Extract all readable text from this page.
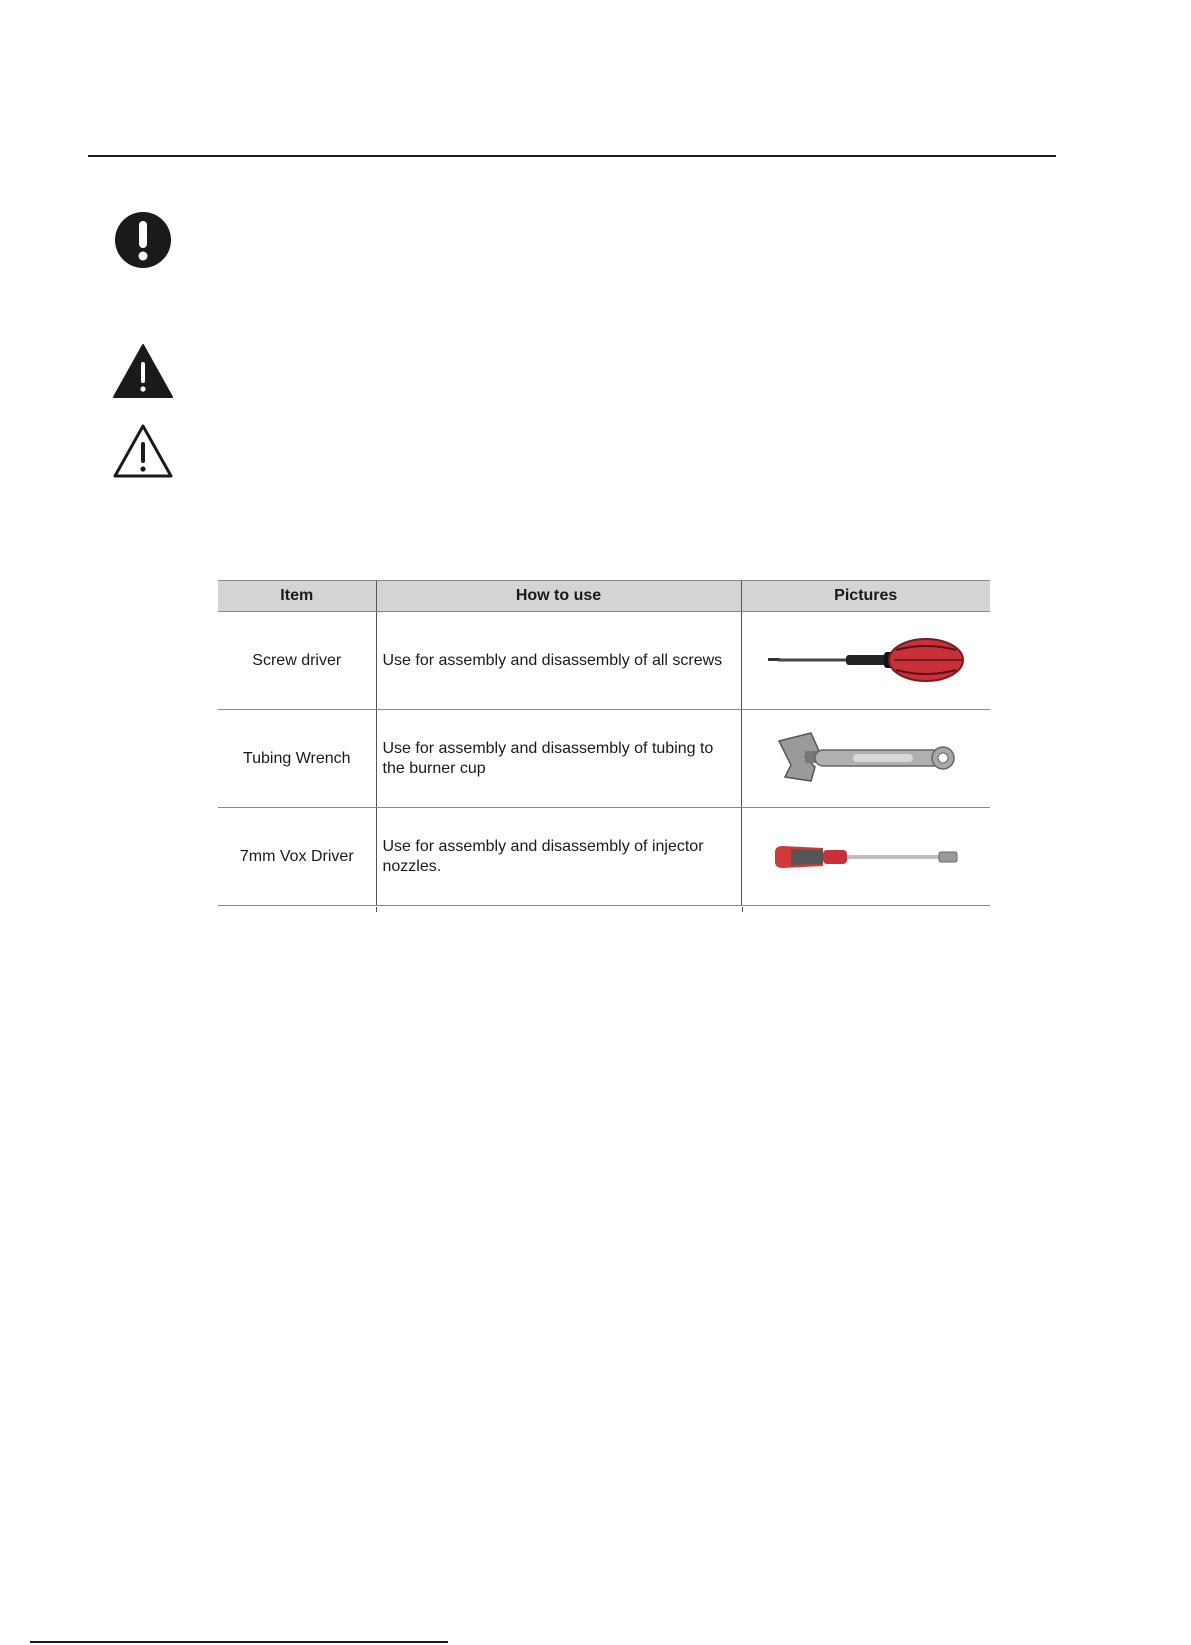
Item	How to use	Pictures
Screw driver	Use for assembly and disassembly of all screws	
Tubing Wrench	Use for assembly and disassembly of tubing to the burner cup	
7mm Vox Driver	Use for assembly and disassembly of injector nozzles.	
